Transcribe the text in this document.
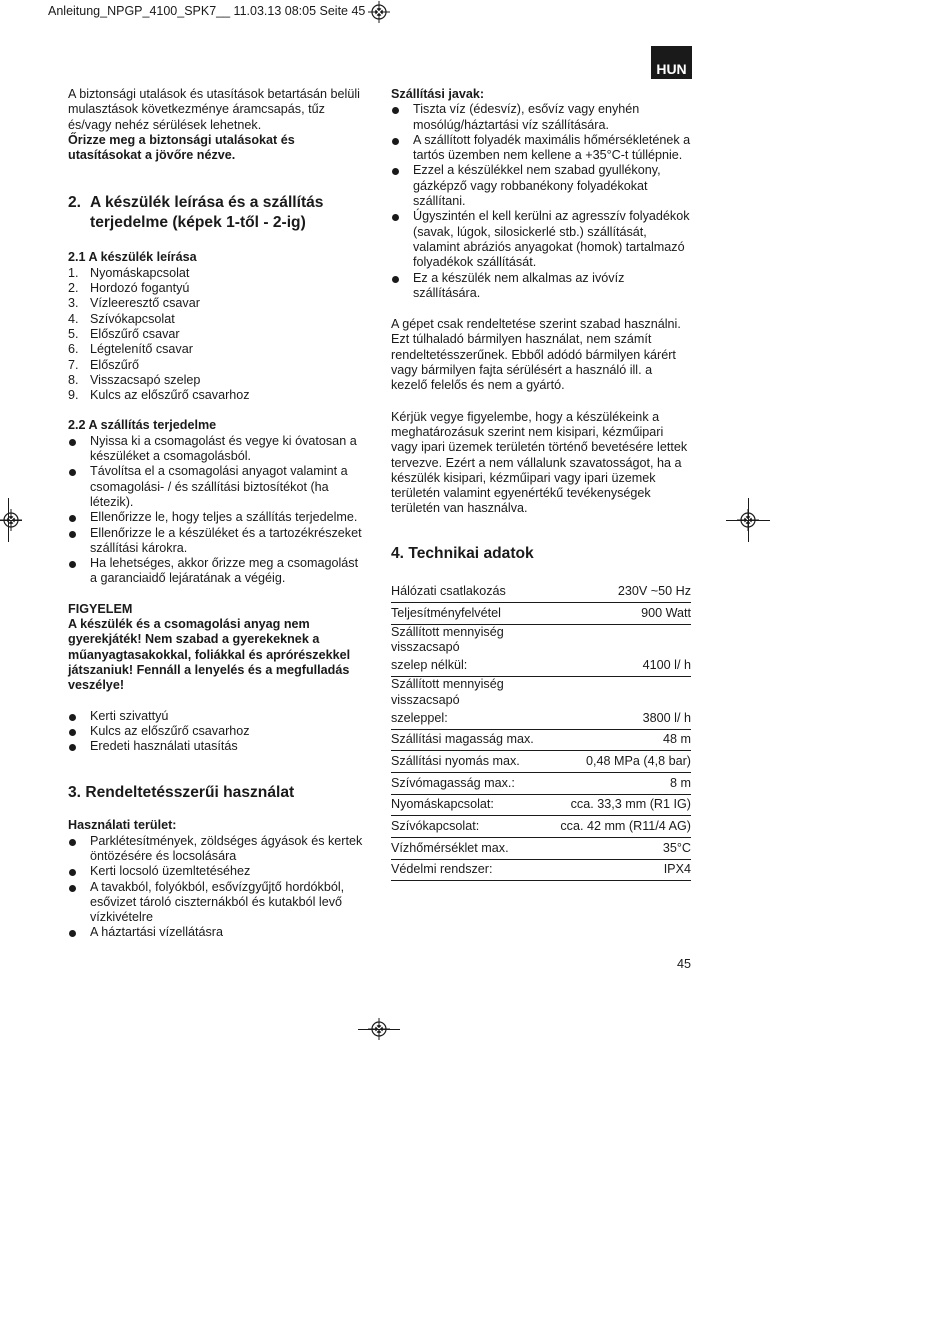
Anleitung_NPGP_4100_SPK7__ 11.03.13 08:05 Seite 45
HUN

A biztonsági utalások és utasítások betartásán belüli mulasztások következménye áramcsapás, tűz és/vagy nehéz sérülések lehetnek.

Őrizze meg a biztonsági utalásokat és utasításokat a jövőre nézve.

2. A készülék leírása és a szállítás terjedelme (képek 1-től - 2-ig)

2.1 A készülék leírása

1. Nyomáskapcsolat
2. Hordozó fogantyú
3. Vízleeresztő csavar
4. Szívókapcsolat
5. Előszűrő csavar
6. Légtelenítő csavar
7. Előszűrő
8. Visszacsapó szelep
9. Kulcs az előszűrő csavarhoz

2.2 A szállítás terjedelme

Nyissa ki a csomagolást és vegye ki óvatosan a készüléket a csomagolásból.
Távolítsa el a csomagolási anyagot valamint a csomagolási- / és szállítási biztosítékot (ha létezik).
Ellenőrizze le, hogy teljes a szállítás terjedelme.
Ellenőrizze le a készüléket és a tartozékrészeket szállítási károkra.
Ha lehetséges, akkor őrizze meg a csomagolást a garanciaidő lejáratának a végéig.

FIGYELEM

A készülék és a csomagolási anyag nem gyerekjáték! Nem szabad a gyerekeknek a műanyagtasakokkal, foliákkal és aprórészekkel játszaniuk! Fennáll a lenyelés és a megfulladás veszélye!

Kerti szivattyú
Kulcs az előszűrő csavarhoz
Eredeti használati utasítás

3. Rendeltetésszerűi használat

Használati terület:

Parklétesítmények, zöldséges ágyások és kertek öntözésére és locsolására
Kerti locsoló üzemltetéséhez
A tavakból, folyókból, esővízgyűjtő hordókból, esővizet tároló ciszternákból és kutakból levő vízkivételre
A háztartási vízellátásra

Szállítási javak:

Tiszta víz (édesvíz), esővíz vagy enyhén mosólúg/háztartási víz szállítására.
A szállított folyadék maximális hőmérsékletének a tartós üzemben nem kellene a +35°C-t túllépnie.
Ezzel a készülékkel nem szabad gyullékony, gázképző vagy robbanékony folyadékokat szállítani.
Úgyszintén el kell kerülni az agresszív folyadékok (savak, lúgok, silosickerlé stb.) szállítását, valamint abráziós anyagokat (homok) tartalmazó folyadékok szállítását.
Ez a készülék nem alkalmas az ivóvíz szállítására.

A gépet csak rendeltetése szerint szabad használni. Ezt túlhaladó bármilyen használat, nem számít rendeltetésszerűnek. Ebből adódó bármilyen kárért vagy bármilyen fajta sérülésért a használó ill. a kezelő felelős és nem a gyártó.

Kérjük vegye figyelembe, hogy a készülékeink a meghatározásuk szerint nem kisipari, kézműipari vagy ipari üzemek területén történő bevetésére lettek tervezve. Ezért a nem vállalunk szavatosságot, ha a készülék kisipari, kézműipari vagy ipari üzemek területén valamint egyenértékű tevékenységek területén van használva.

4. Technikai adatok

Hálózati csatlakozás	230V ~50 Hz
Teljesítményfelvétel	900 Watt
Szállított mennyiség visszacsapó	
szelep nélkül:	4100 l/ h
Szállított mennyiség visszacsapó	
szeleppel:	3800 l/ h
Szállítási magasság max.	48 m
Szállítási nyomás max.	0,48 MPa (4,8 bar)
Szívómagasság max.:	8 m
Nyomáskapcsolat:	cca. 33,3 mm (R1 IG)
Szívókapcsolat:	cca. 42 mm (R11/4 AG)
Vízhőmérséklet max.	35°C
Védelmi rendszer:	IPX4
45
